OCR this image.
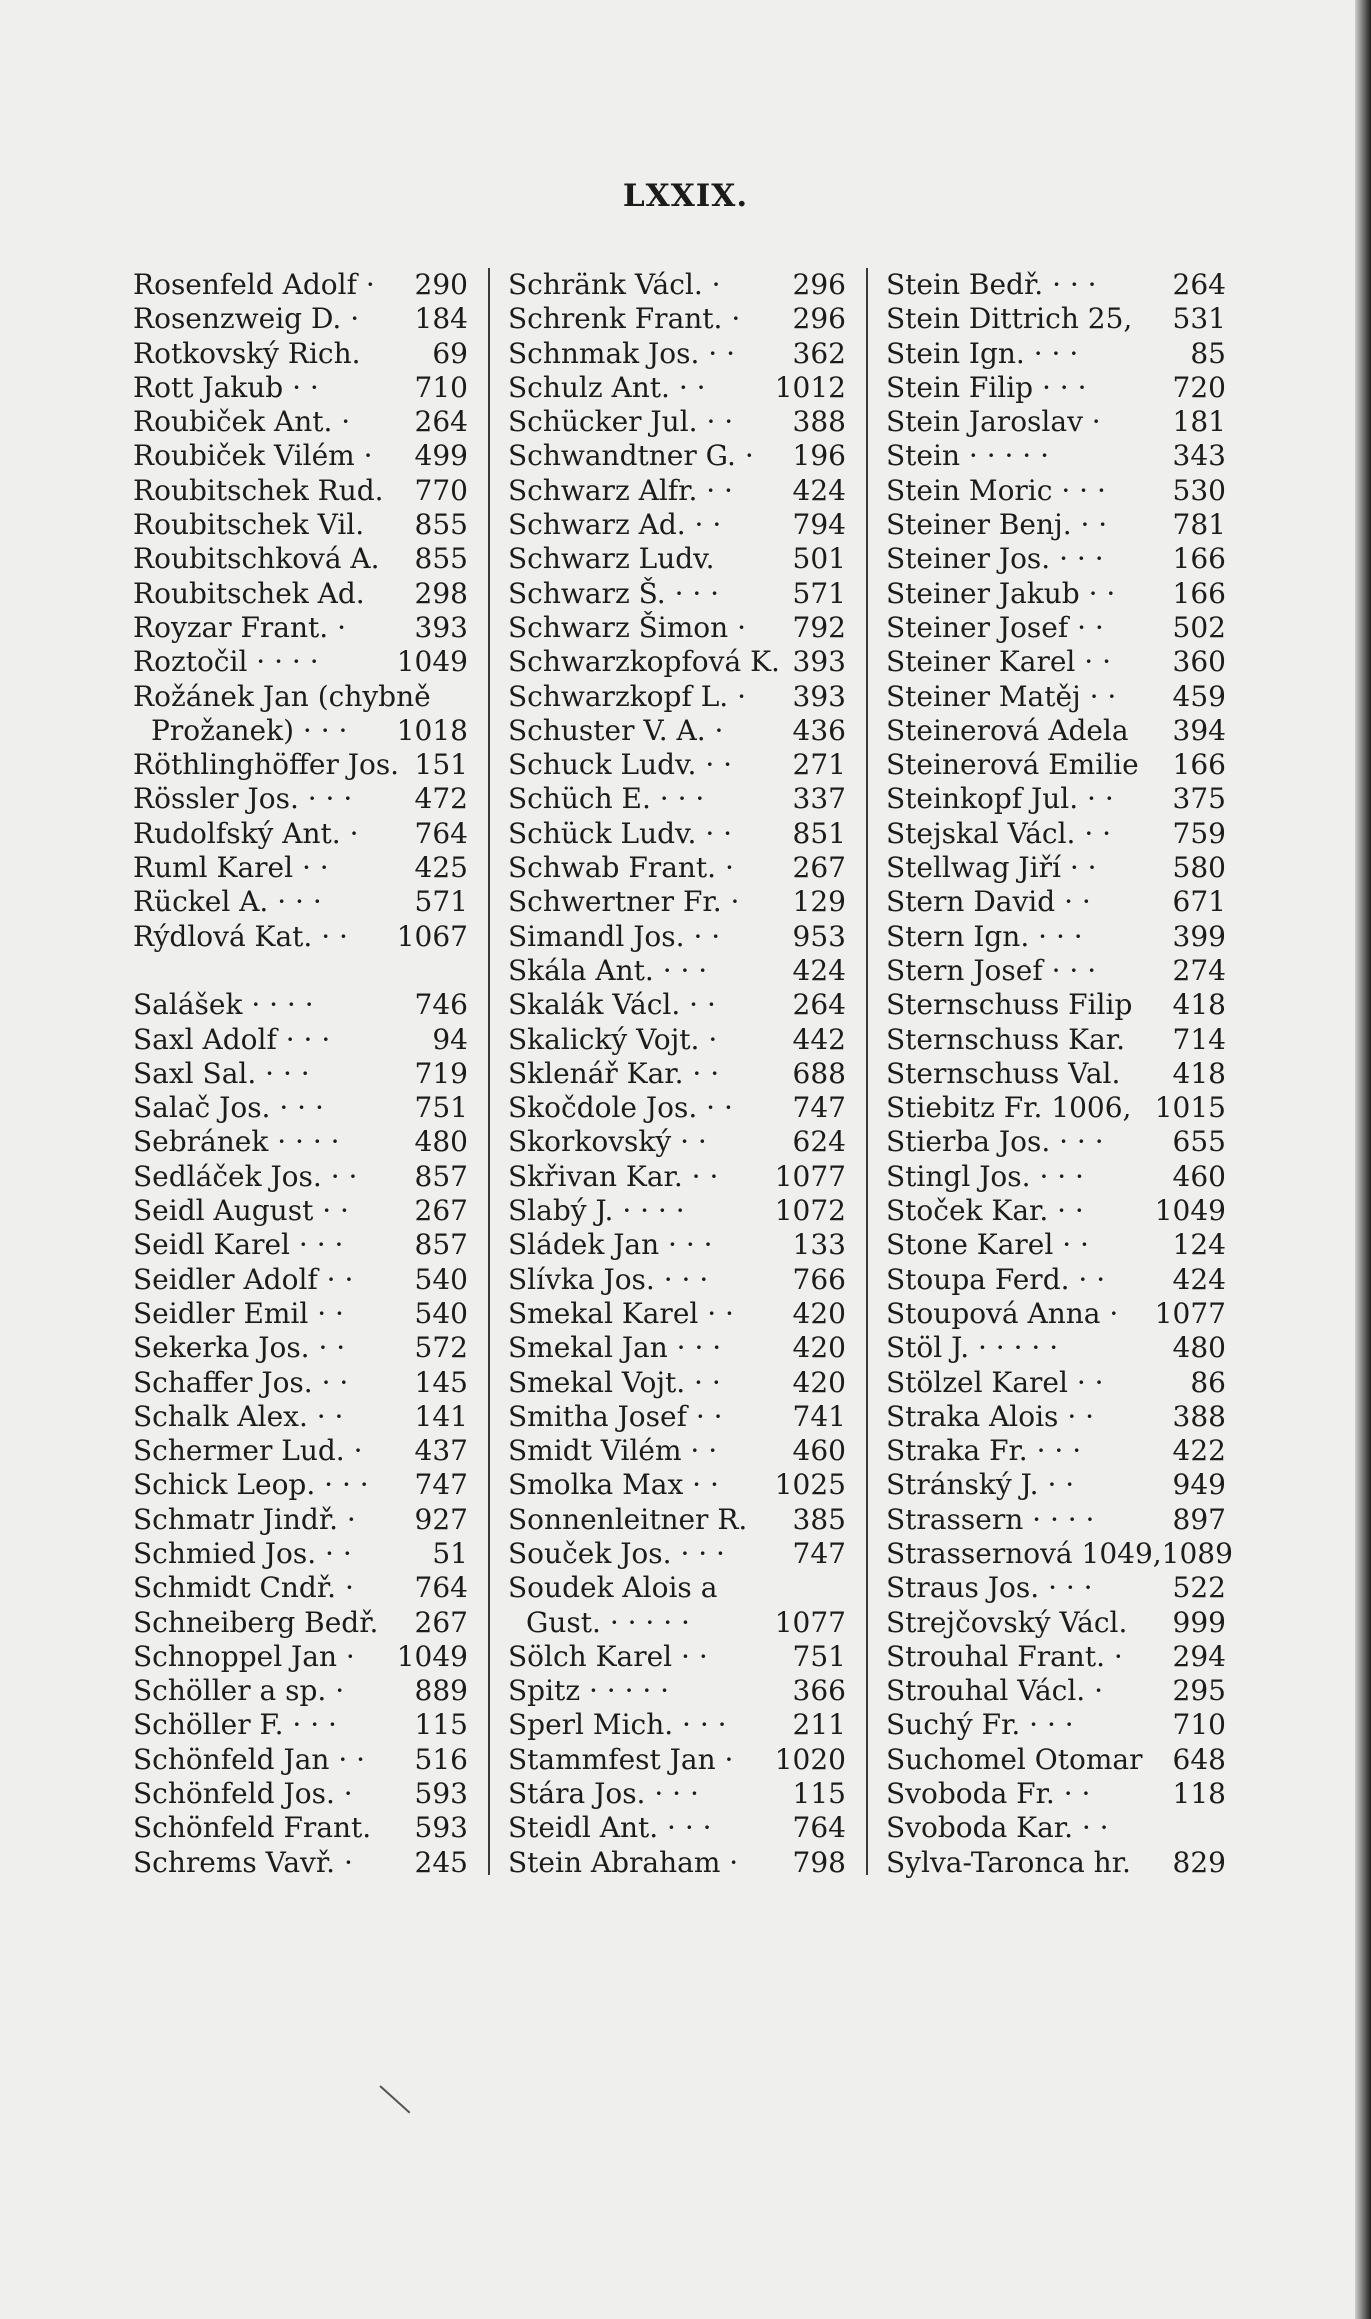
LXXIX.
Rosenfeld Adolf · 290
Rosenzweig D. · 184
Rotkovský Rich.	69
Rott Jakub · ·	710
Roubiček Ant. · 264
Roubiček Vilém · 499
Roubitschek Rud. 770
Roubitschek Vil. 855
Roubitschková A. 855
Roubitschek Ad. 298
Royzar Frant. · 393
Roztočil · · · ·	1049
Rožánek Jan (chybně
Prožanek) · · · 1018
Röthlinghöffer Jos. 151
Rössler Jos. · · · 472
Rudolfský Ant. · 764
Ruml Karel · ·	425
Rückel A. · · ·	571
Rýdlová Kat. · · 1067
Salášek · · · ·	746
Saxl Adolf · · ·	94
Saxl Sal. · · ·	719
Salač Jos. · · ·	751
Sebránek · · · ·	480
Sedláček Jos. · · 857
Seidl August · · 267
Seidl Karel · · ·	857
Seidler Adolf · · 540
Seidler Emil · ·	540
Sekerka Jos. · · 572
Schaffer Jos. · · 145
Schalk Alex. · ·	141
Schermer Lud. · 437
Schick Leop. · · · 747
Schmatr Jindř. · 927
Schmied Jos. · ·	51
Schmidt Cndř. · 764
Schneiberg Bedř. 267
Schnoppel Jan · 1049
Schöller a sp. ·	889
Schöller F. · · ·	115
Schönfeld Jan · · 516
Schönfeld Jos. · 593
Schönfeld Frant. 593
Schrems Vavř. · 245
Schränk Václ. ·	296
Schrenk Frant. · 296
Schnmak Jos. · · 362
Schulz Ant. · · 1012
Schücker Jul. · · 388
Schwandtner G. · 196
Schwarz Alfr. · · 424
Schwarz Ad. · ·	794
Schwarz Ludv.	501
Schwarz Š. · · ·	571
Schwarz Šimon · 792
Schwarzkopfová K. 393
Schwarzkopf L. · 393
Schuster V. A. · 436
Schuck Ludv. · · 271
Schüch E. · · ·	337
Schück Ludv. · · 851
Schwab Frant. · 267
Schwertner Fr. · 129
Simandl Jos. · ·	953
Skála Ant. · · ·	424
Skalák Václ. · ·	264
Skalický Vojt. ·	442
Sklenář Kar. · ·	688
Skočdole Jos. · · 747
Skorkovský · ·	624
Skřivan Kar. · · 1077
Slabý J. · · · ·	1072
Sládek Jan · · ·	133
Slívka Jos. · · ·	766
Smekal Karel · · 420
Smekal Jan · · ·	420
Smekal Vojt. · ·	420
Smitha Josef · · 741
Smidt Vilém · ·	460
Smolka Max · · 1025
Sonnenleitner R. 385
Souček Jos. · · · 747
Soudek Alois a
Gust. · · · · ·	1077
Sölch Karel · ·	751
Spitz · · · · ·	366
Sperl Mich. · · · 211
Stammfest Jan · 1020
Stára Jos. · · ·	115
Steidl Ant. · · ·	764
Stein Abraham · 798
Stein Bedř. · · ·	264
Stein Dittrich 25, 531
Stein Ign. · · ·	85
Stein Filip · · ·	720
Stein Jaroslav ·	181
Stein · · · · ·	343
Stein Moric · · · 530
Steiner Benj. · · 781
Steiner Jos. · · · 166
Steiner Jakub · · 166
Steiner Josef · · 502
Steiner Karel · · 360
Steiner Matěj · · 459
Steinerová Adela 394
Steinerová Emilie 166
Steinkopf Jul. · · 375
Stejskal Václ. · · 759
Stellwag Jiří · ·	580
Stern David · ·	671
Stern Ign. · · ·	399
Stern Josef · · ·	274
Sternschuss Filip 418
Sternschuss Kar. 714
Sternschuss Val. 418
Stiebitz Fr. 1006, 1015
Stierba Jos. · · · 655
Stingl Jos. · · ·	460
Stoček Kar. · ·	1049
Stone Karel · ·	124
Stoupa Ferd. · · 424
Stoupová Anna · 1077
Stöl J. · · · · ·	480
Stölzel Karel · ·	86
Straka Alois · ·	388
Straka Fr. · · ·	422
Stránský J. · ·	949
Strassern · · · ·	897
Strassernová 1049, 1089
Straus Jos. · · ·	522
Strejčovský Václ. 999
Strouhal Frant. · 294
Strouhal Václ. · 295
Suchý Fr. · · ·	710
Suchomel Otomar 648
Svoboda Fr. · ·	118
Svoboda Kar. · ·
Sylva-Taronca hr. 829
